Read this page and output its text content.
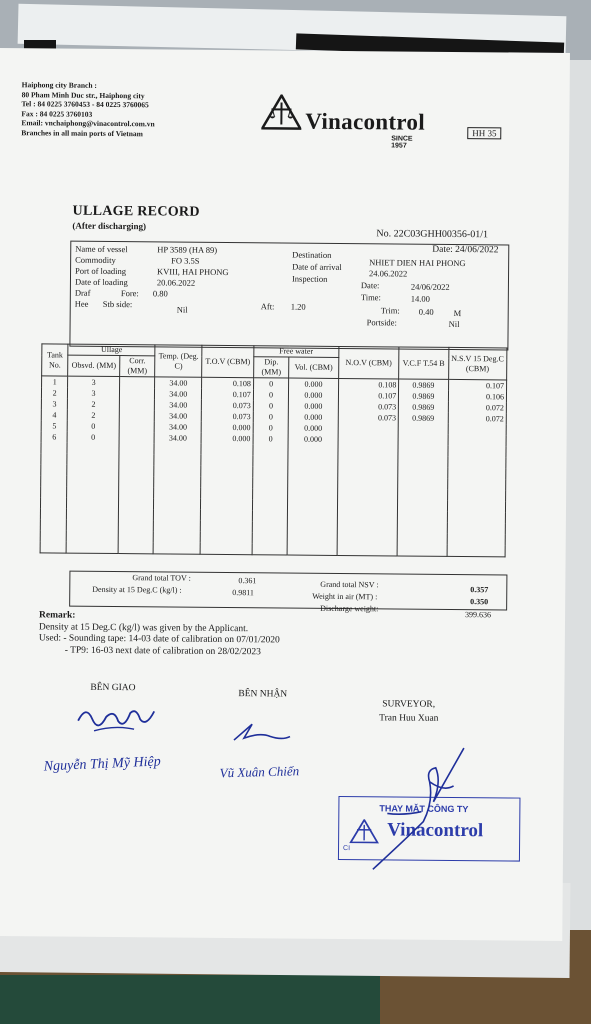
Haiphong city Branch :
80 Pham Minh Duc str., Haiphong city
Tel : 84 0225 3760453 - 84 0225 3760065
Fax : 84 0225 3760103
Email: vnchaiphong@vinacontrol.com.vn
Branches in all main ports of Vietnam	Vinacontrol
SINCE 1957
HH 35
ULLAGE RECORD
(After discharging)
No. 22C03GHH00356-01/1
Date: 24/06/2022
Name of vessel	HP 3589 (HA 89)
Commodity	FO 3.5S
Port of loading	KVIII, HAI PHONG
Date of loading	20.06.2022
Draf	Fore: 0.80
Aft: 1.20
Hee Stb side:
Nil
Destination
NHIET DIEN HAI PHONG
Date of arrival
24.06.2022
Inspection
Date:	24/06/2022
Time:	14.00
Trim: 0.40 M
Portside:	Nil
Tank No.	Ullage		Temp. (Deg. C)	T.O.V (CBM)	Free water		N.O.V (CBM)	V.C.F T.54 B	N.S.V 15 Deg.C (CBM)
	Obsvd. (MM)	Corr. (MM)			Dip. (MM)	Vol. (CBM)			
1	3		34.00	0.108	0	0.000	0.108	0.9869	0.107
2	3		34.00	0.107	0	0.000	0.107	0.9869	0.106
3	2		34.00	0.073	0	0.000	0.073	0.9869	0.072
4	2		34.00	0.073	0	0.000	0.073	0.9869	0.072
5	0		34.00	0.000	0	0.000			
6	0		34.00	0.000	0	0.000			

Grand total TOV :	0.361
Density at 15 Deg.C (kg/l) :	0.9811
Grand total NSV :
0.357
Weight in air (MT) :
0.350
Discharge weight:
399.636
Remark:
Density at 15 Deg.C (kg/l) was given by the Applicant.
Used: - Sounding tape: 14-03 date of calibration on 07/01/2020
- TP9: 16-03 next date of calibration on 28/02/2023
BÊN GIAO
BÊN NHẬN
SURVEYOR,
Tran Huu Xuan
Nguyễn Thị Mỹ Hiệp	Vũ Xuân Chiến
THAY MẶT CÔNG TY
Vinacontrol
CI
